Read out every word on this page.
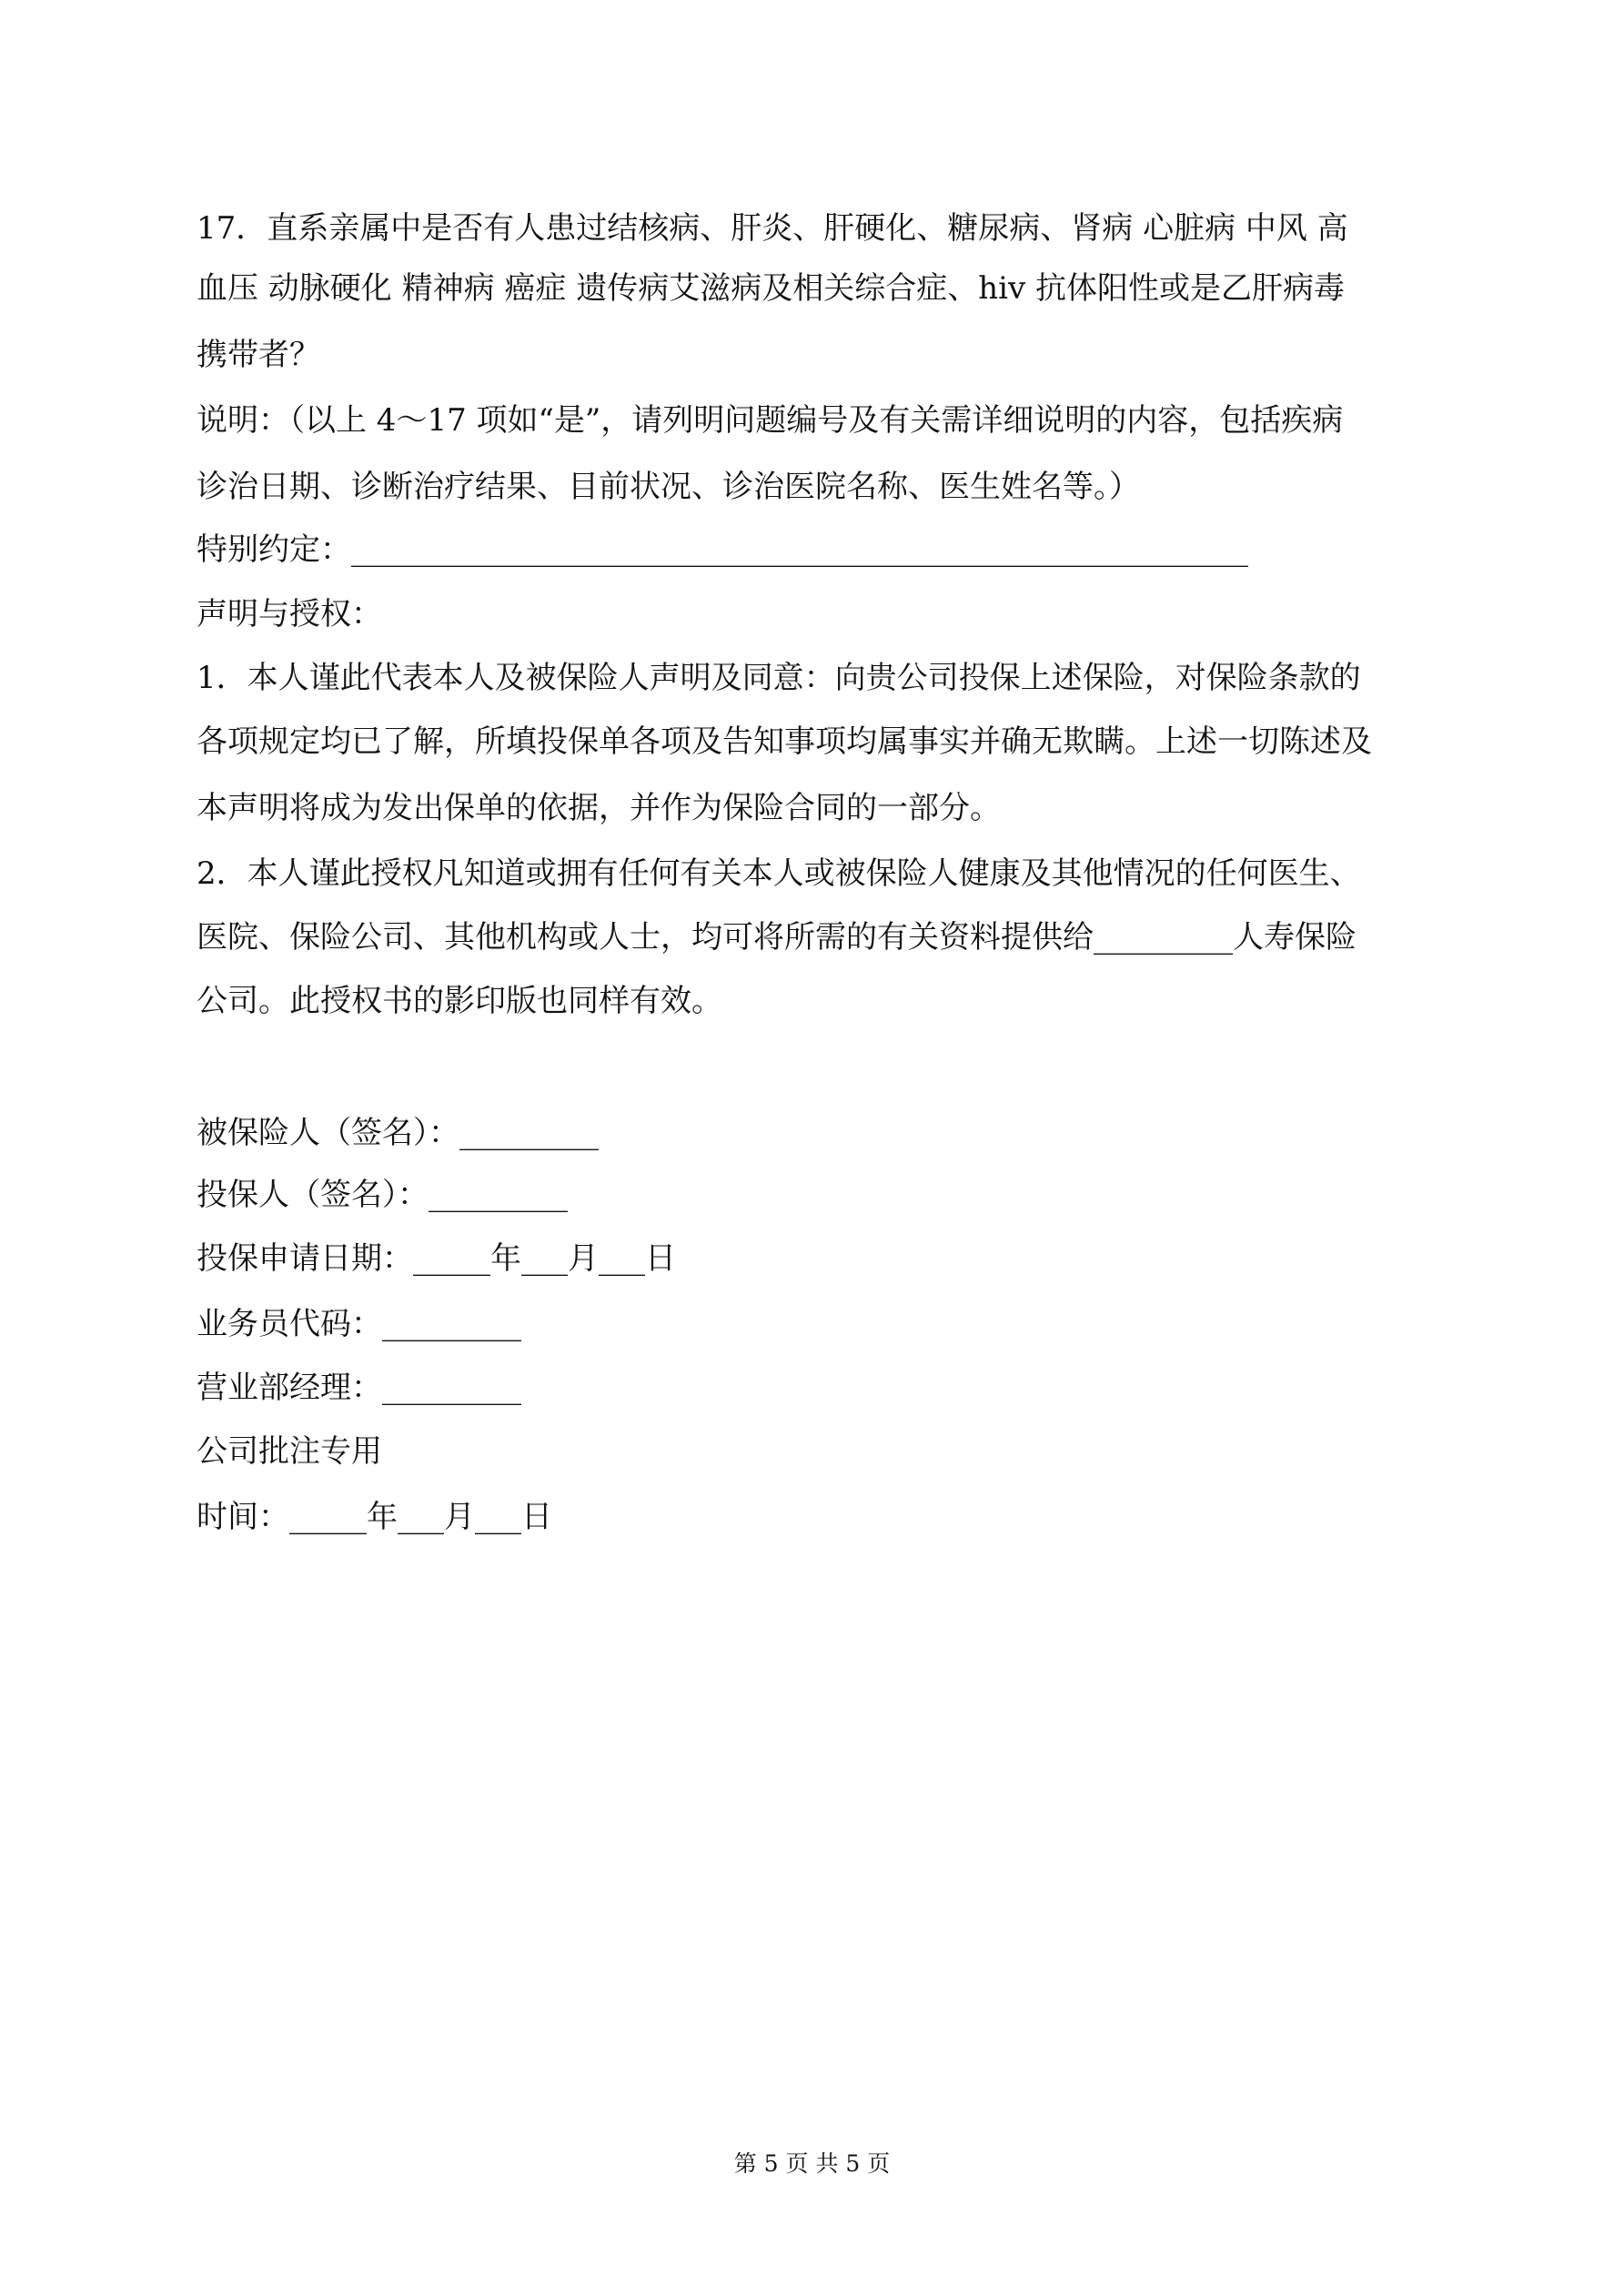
17．直系亲属中是否有人患过结核病、肝炎、肝硬化、糖尿病、肾病 心脏病 中风 高
血压 动脉硬化 精神病 癌症 遗传病艾滋病及相关综合症、hiv 抗体阳性或是乙肝病毒
携带者？
说明：（以上 4～17 项如“是”，请列明问题编号及有关需详细说明的内容，包括疾病
诊治日期、诊断治疗结果、目前状况、诊治医院名称、医生姓名等。）
特别约定：__________________________________________________________
声明与授权：
1．本人谨此代表本人及被保险人声明及同意：向贵公司投保上述保险，对保险条款的
各项规定均已了解，所填投保单各项及告知事项均属事实并确无欺瞒。上述一切陈述及
本声明将成为发出保单的依据，并作为保险合同的一部分。
2．本人谨此授权凡知道或拥有任何有关本人或被保险人健康及其他情况的任何医生、
医院、保险公司、其他机构或人士，均可将所需的有关资料提供给_________人寿保险
公司。此授权书的影印版也同样有效。
被保险人（签名）：_________
投保人（签名）：_________
投保申请日期：_____年___月___日
业务员代码：_________
营业部经理：_________
公司批注专用
时间：_____年___月___日
第 5 页 共 5 页
